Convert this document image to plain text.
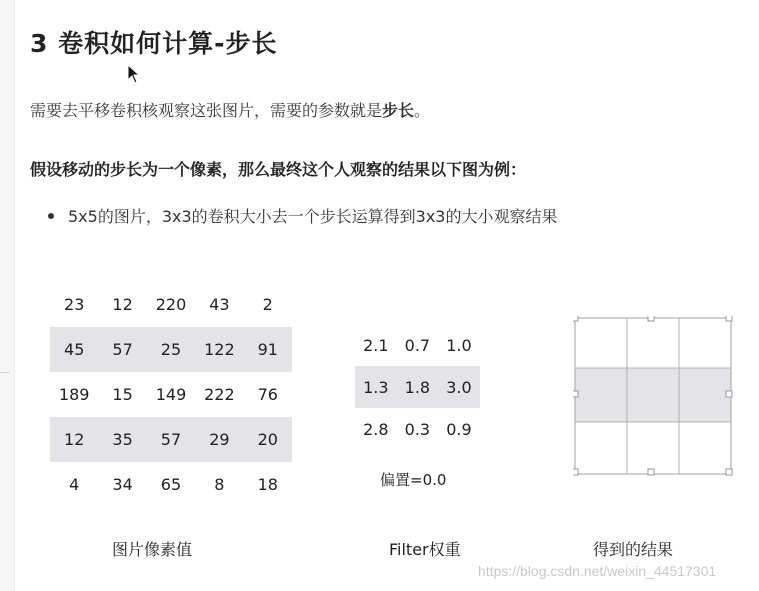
3 卷积如何计算-步长
需要去平移卷积核观察这张图片，需要的参数就是步长。
假设移动的步长为一个像素，那么最终这个人观察的结果以下图为例：
5x5的图片，3x3的卷积大小去一个步长运算得到3x3的大小观察结果
23	12	220	43	2
45	57	25	122	91
189	15	149	222	76
12	35	57	29	20
4	34	65	8	18
2.1	0.7	1.0
1.3	1.8	3.0
2.8	0.3	0.9
偏置=0.0
图片像素值	Filter权重	得到的结果
https://blog.csdn.net/weixin_44517301
